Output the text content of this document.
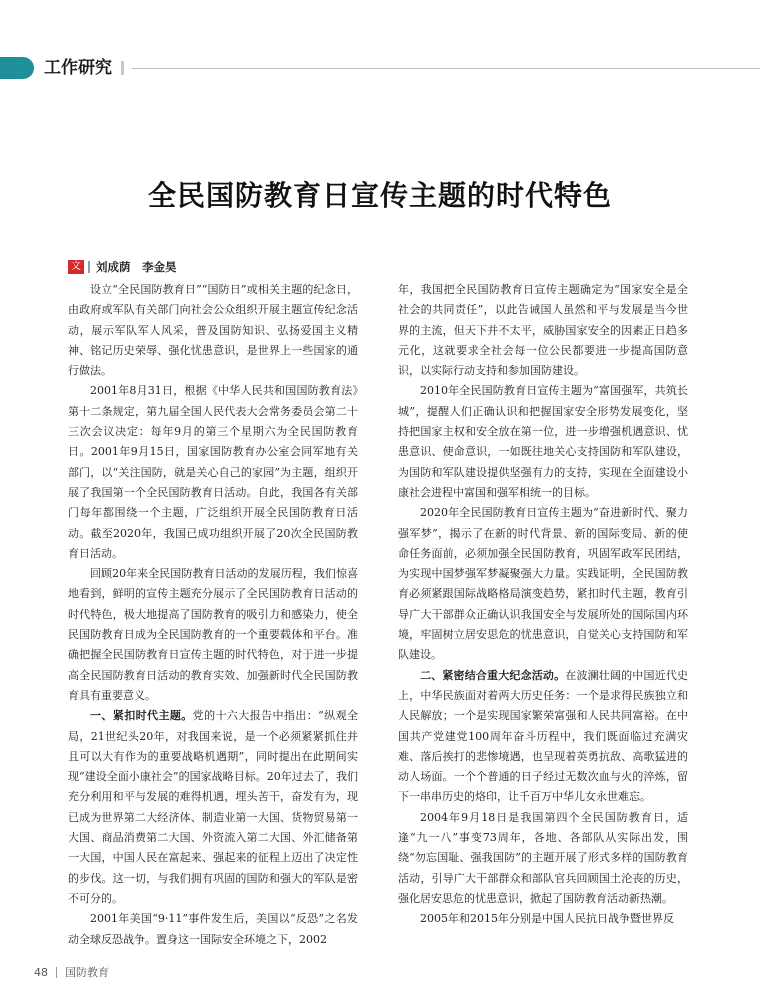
工作研究
全民国防教育日宣传主题的时代特色
文 刘成荫　李金昊

设立“全民国防教育日”“国防日”或相关主题的纪念日，由政府或军队有关部门向社会公众组织开展主题宣传纪念活动，展示军队军人风采，普及国防知识、弘扬爱国主义精神、铭记历史荣辱、强化忧患意识，是世界上一些国家的通行做法。

2001年8月31日，根据《中华人民共和国国防教育法》第十二条规定，第九届全国人民代表大会常务委员会第二十三次会议决定：每年9月的第三个星期六为全民国防教育日。2001年9月15日，国家国防教育办公室会同军地有关部门，以“关注国防，就是关心自己的家园”为主题，组织开展了我国第一个全民国防教育日活动。自此，我国各有关部门每年都围绕一个主题，广泛组织开展全民国防教育日活动。截至2020年，我国已成功组织开展了20次全民国防教育日活动。

回顾20年来全民国防教育日活动的发展历程，我们惊喜地看到，鲜明的宣传主题充分展示了全民国防教育日活动的时代特色，极大地提高了国防教育的吸引力和感染力，使全民国防教育日成为全民国防教育的一个重要载体和平台。准确把握全民国防教育日宣传主题的时代特色，对于进一步提高全民国防教育日活动的教育实效、加强新时代全民国防教育具有重要意义。

一、紧扣时代主题。党的十六大报告中指出：“纵观全局，21世纪头20年，对我国来说，是一个必须紧紧抓住并且可以大有作为的重要战略机遇期”，同时提出在此期间实现“建设全面小康社会”的国家战略目标。20年过去了，我们充分利用和平与发展的难得机遇，埋头苦干，奋发有为，现已成为世界第二大经济体、制造业第一大国、货物贸易第一大国、商品消费第二大国、外资流入第二大国、外汇储备第一大国，中国人民在富起来、强起来的征程上迈出了决定性的步伐。这一切，与我们拥有巩固的国防和强大的军队是密不可分的。

2001年美国“9·11”事件发生后，美国以“反恐”之名发动全球反恐战争。置身这一国际安全环境之下，2002

年，我国把全民国防教育日宣传主题确定为“国家安全是全社会的共同责任”，以此告诫国人虽然和平与发展是当今世界的主流，但天下并不太平，威胁国家安全的因素正日趋多元化，这就要求全社会每一位公民都要进一步提高国防意识，以实际行动支持和参加国防建设。

2010年全民国防教育日宣传主题为“富国强军，共筑长城”，提醒人们正确认识和把握国家安全形势发展变化，坚持把国家主权和安全放在第一位，进一步增强机遇意识、忧患意识、使命意识，一如既往地关心支持国防和军队建设，为国防和军队建设提供坚强有力的支持，实现在全面建设小康社会进程中富国和强军相统一的目标。

2020年全民国防教育日宣传主题为“奋进新时代、聚力强军梦”，揭示了在新的时代背景、新的国际变局、新的使命任务面前，必须加强全民国防教育，巩固军政军民团结，为实现中国梦强军梦凝聚强大力量。实践证明，全民国防教育必须紧跟国际战略格局演变趋势，紧扣时代主题，教育引导广大干部群众正确认识我国安全与发展所处的国际国内环境，牢固树立居安思危的忧患意识，自觉关心支持国防和军队建设。

二、紧密结合重大纪念活动。在波澜壮阔的中国近代史上，中华民族面对着两大历史任务：一个是求得民族独立和人民解放；一个是实现国家繁荣富强和人民共同富裕。在中国共产党建党100周年奋斗历程中，我们既面临过充满灾难、落后挨打的悲惨境遇，也呈现着英勇抗敌、高歌猛进的动人场面。一个个普通的日子经过无数次血与火的淬炼，留下一串串历史的烙印，让千百万中华儿女永世难忘。

2004年9月18日是我国第四个全民国防教育日，适逢“九一八”事变73周年，各地、各部队从实际出发，围绕“勿忘国耻、强我国防”的主题开展了形式多样的国防教育活动，引导广大干部群众和部队官兵回顾国土沦丧的历史，强化居安思危的忧患意识，掀起了国防教育活动新热潮。

2005年和2015年分别是中国人民抗日战争暨世界反

48 国防教育
